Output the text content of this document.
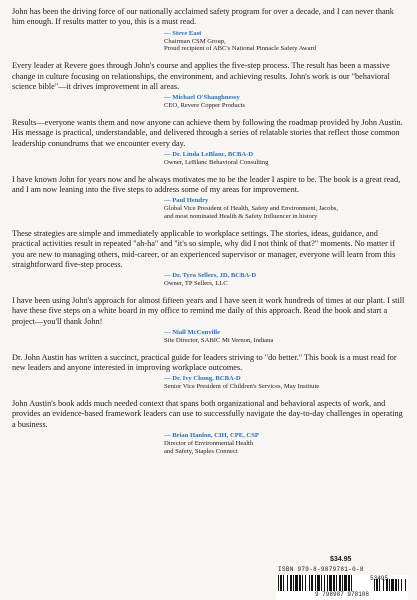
John has been the driving force of our nationally acclaimed safety program for over a decade, and I can never thank him enough. If results matter to you, this is a must read.

— Steve East
Chairman CSM Group,
Proud recipient of ABC's National Pinnacle Safety Award

Every leader at Revere goes through John's course and applies the five-step process. The result has been a massive change in culture focusing on relationships, the environment, and achieving results. John's work is our "behavioral science bible"—it drives improvement in all areas.

— Michael O'Shaughnessy
CEO, Revere Copper Products

Results—everyone wants them and now anyone can achieve them by following the roadmap provided by John Austin. His message is practical, understandable, and delivered through a series of relatable stories that reflect those common leadership conundrums that we encounter every day.

— Dr. Linda LeBlanc, BCBA-D
Owner, LeBlanc Behavioral Consulting

I have known John for years now and he always motivates me to be the leader I aspire to be. The book is a great read, and I am now leaning into the five steps to address some of my areas for improvement.

— Paul Hendry
Global Vice President of Health, Safety and Environment, Jacobs,
and most nominated Health & Safety Influencer in history

These strategies are simple and immediately applicable to workplace settings. The stories, ideas, guidance, and practical activities result in repeated "ah-ha" and "it's so simple, why did I not think of that?" moments. No matter if you are new to managing others, mid-career, or an experienced supervisor or manager, everyone will learn from this straightforward five-step process.

— Dr. Tyra Sellers, JD, BCBA-D
Owner, TP Sellers, LLC

I have been using John's approach for almost fifteen years and I have seen it work hundreds of times at our plant. I still have these five steps on a white board in my office to remind me daily of this approach. Read the book and start a project—you'll thank John!

— Niall McConville
Site Director, SABIC Mt Vernon, Indiana

Dr. John Austin has written a succinct, practical guide for leaders striving to "do better." This book is a must read for new leaders and anyone interested in improving workplace outcomes.

— Dr. Ivy Chong, BCBA-D
Senior Vice President of Children's Services, May Institute

John Austin's book adds much needed context that spans both organizational and behavioral aspects of work, and provides an evidence-based framework leaders can use to successfully navigate the day-to-day challenges in operating a business.

— Brian Hanlon, CIH, CPE, CSP
Director of Environmental Health
and Safety, Staples Connect
$34.95
ISBN 979-8-9879781-0-8
53495
9 798987 978108
